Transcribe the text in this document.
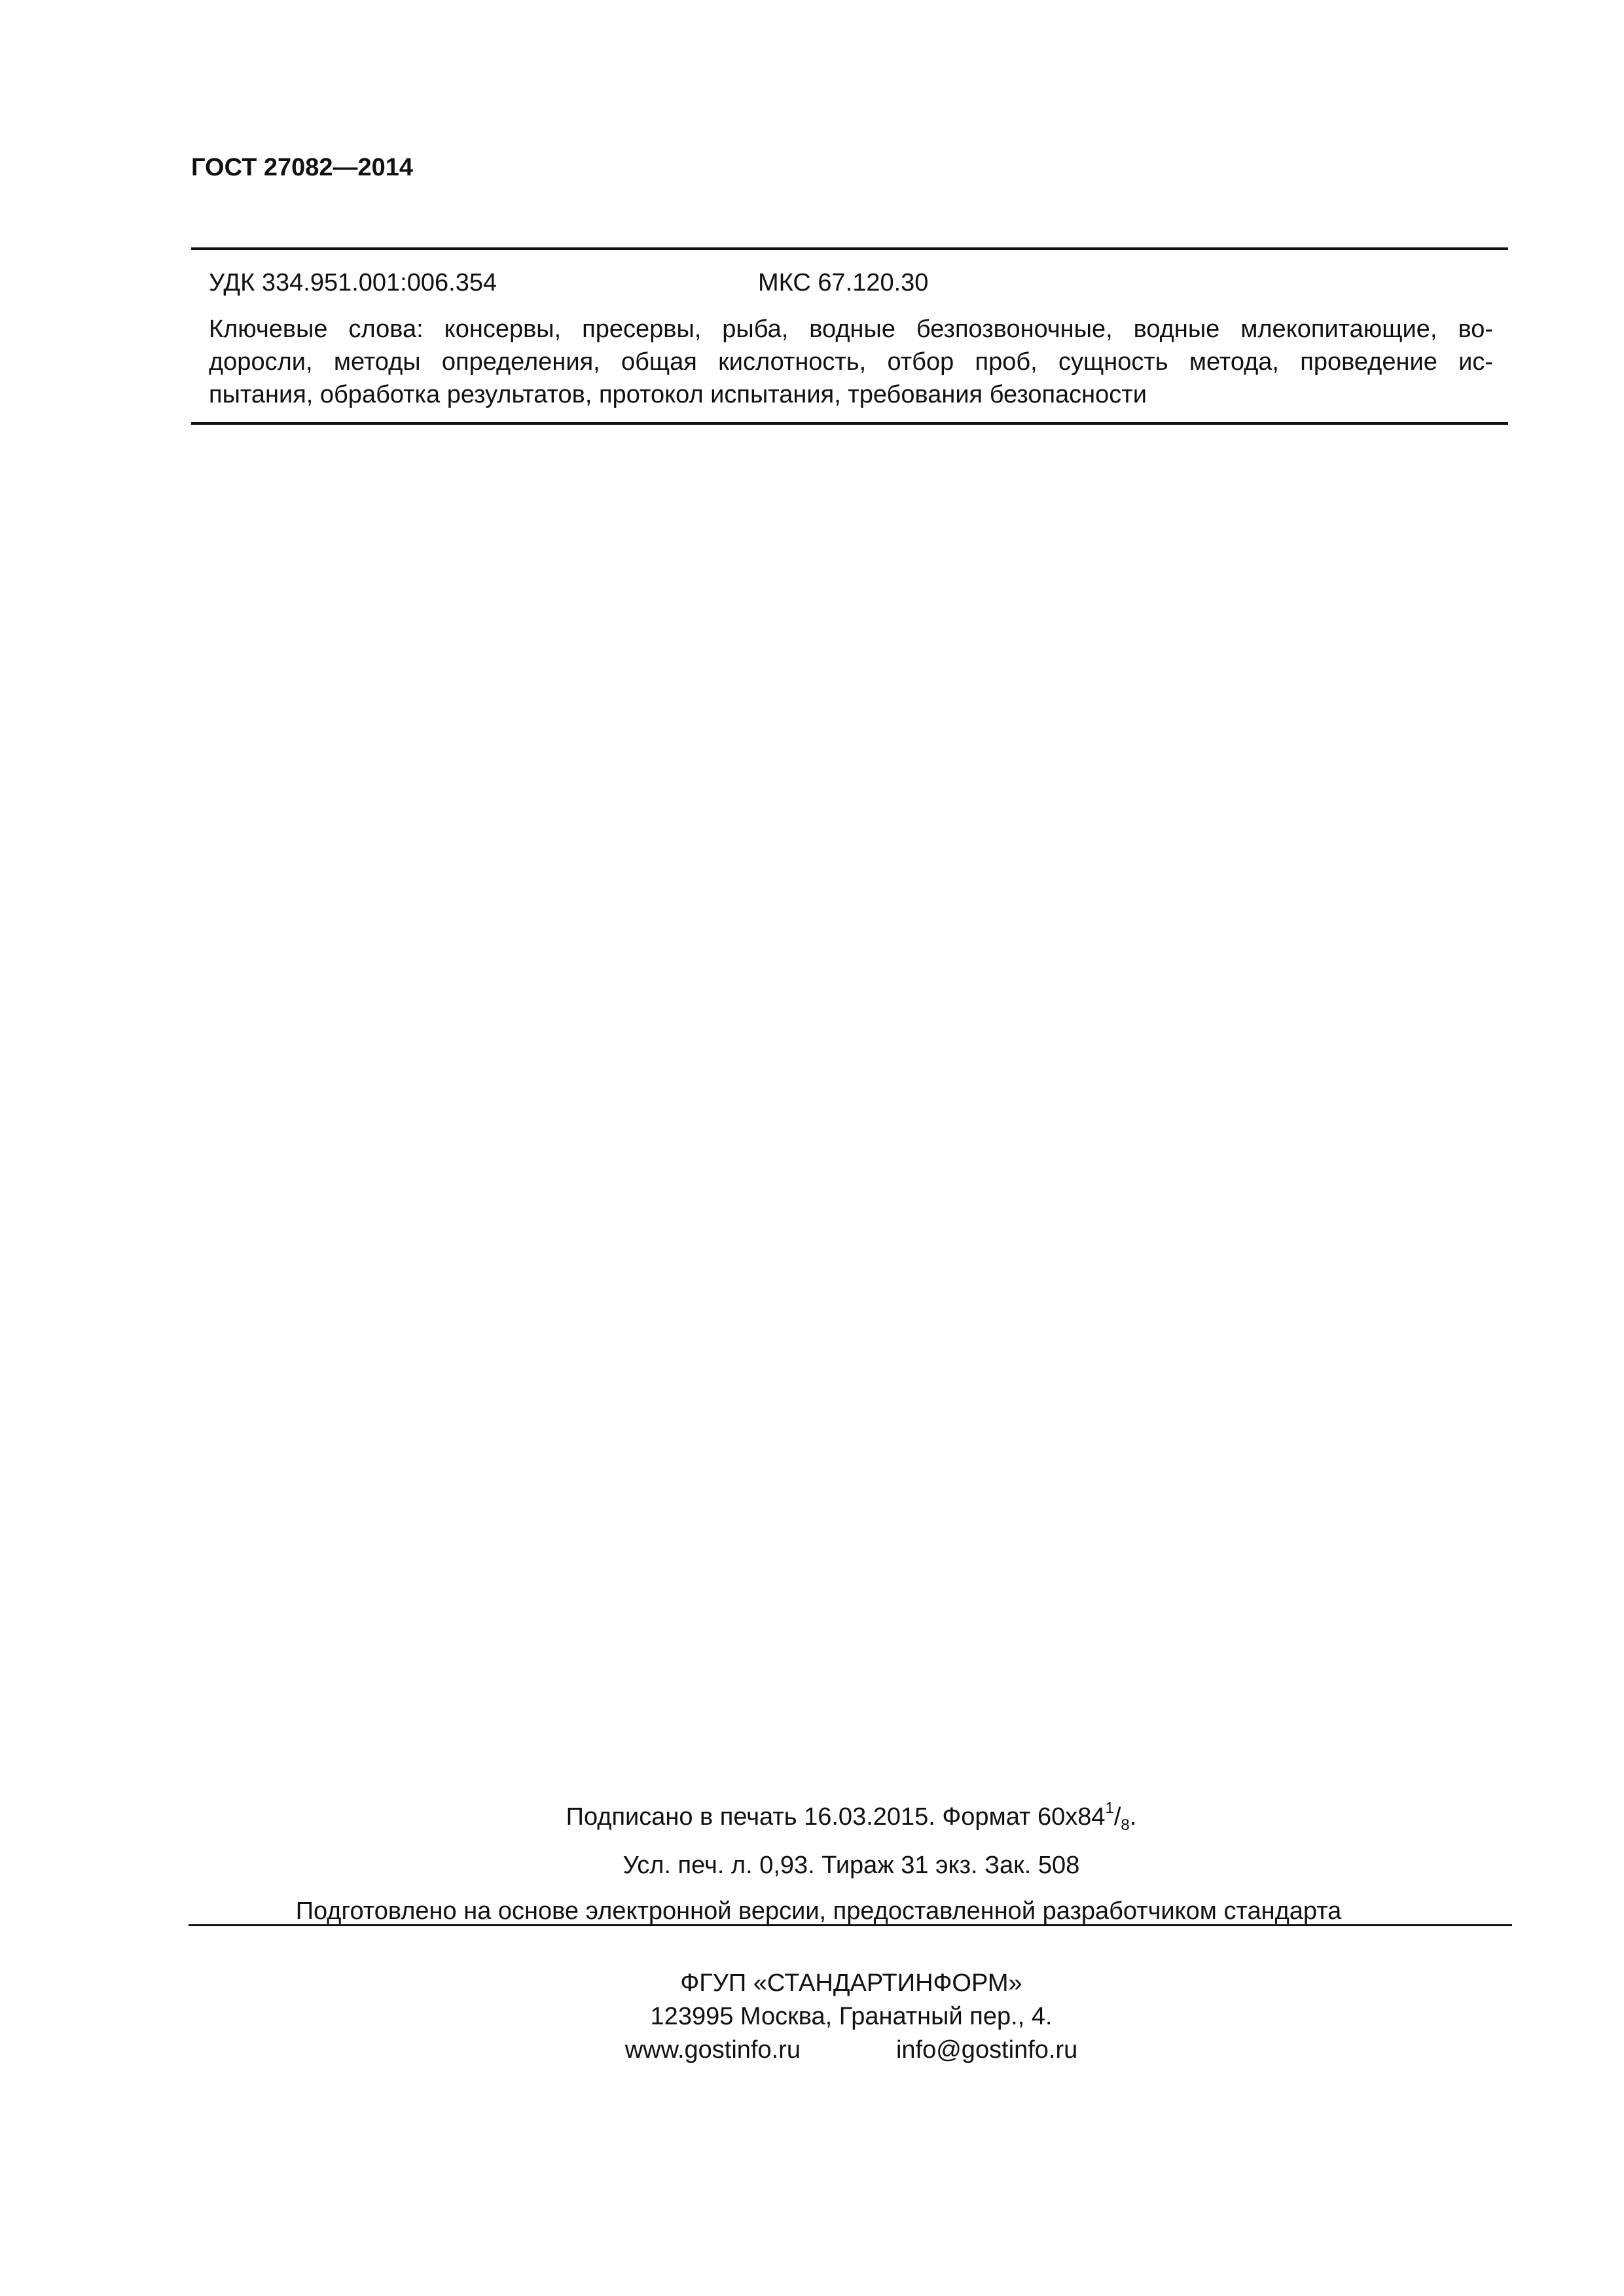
ГОСТ 27082—2014
УДК 334.951.001:006.354	МКС 67.120.30
Ключевые слова: консервы, пресервы, рыба, водные безпозвоночные, водные млекопитающие, во-
доросли, методы определения, общая кислотность, отбор проб, сущность метода, проведение ис-
пытания, обработка результатов, протокол испытания, требования безопасности
Подписано в печать 16.03.2015. Формат $60x84^1/_8$.
Усл. печ. л. 0,93. Тираж 31 экз. Зак. 508
Подготовлено на основе электронной версии, предоставленной разработчиком стандарта
ФГУП «СТАНДАРТИНФОРМ»
123995 Москва, Гранатный пер., 4.
www.gostinfo.ru	info@gostinfo.ru
